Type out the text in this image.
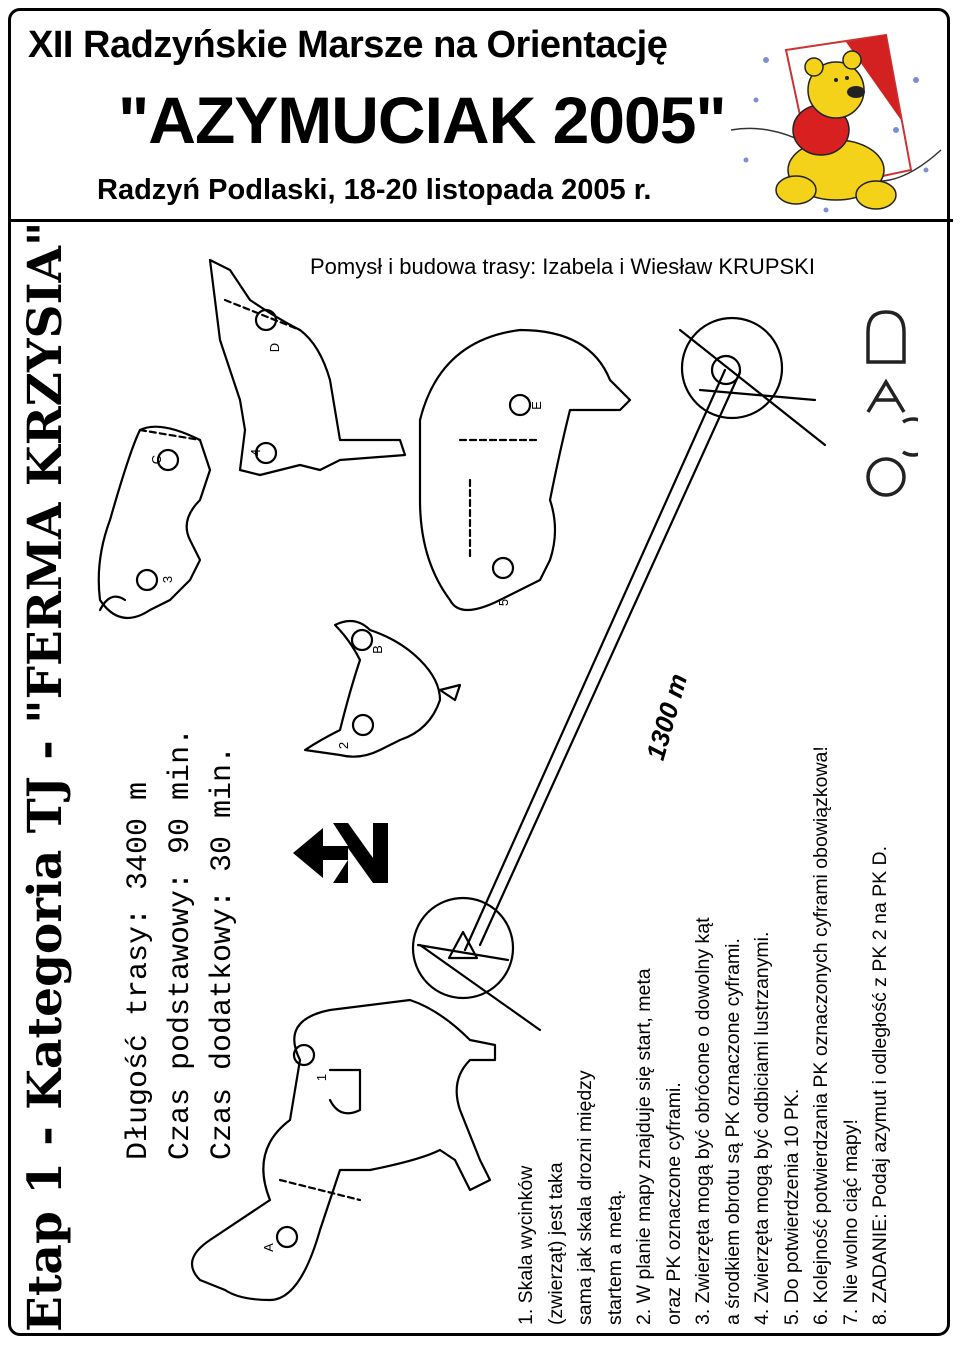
XII Radzyńskie Marsze na Orientację
"AZYMUCIAK 2005"
Radzyń Podlaski, 18-20 listopada 2005 r.
Pomysł i budowa trasy: Izabela i Wiesław KRUPSKI
Etap 1 - Kategoria TJ - "FERMA KRZYSIA" Długość trasy: 3400 m Czas podstawowy: 90 min. Czas dodatkowy: 30 min.
1300 m
1. Skala wycinków (zwierząt) jest taka sama jak skala drozni między startem a metą. 2. W planie mapy znajduje się start, meta oraz PK oznaczone cyframi. 3. Zwierzęta mogą być obrócone o dowolny kąt a środkiem obrotu są PK oznaczone cyframi. 4. Zwierzęta mogą być odbiciami lustrzanymi. 5. Do potwierdzenia 10 PK. 6. Kolejność potwierdzania PK oznaczonych cyframi obowiązkowa! 7. Nie wolno ciąć mapy! 8. ZADANIE: Podaj azymut i odległość z PK 2 na PK D.
1
2
3
4
5
A
B
C
D
E
